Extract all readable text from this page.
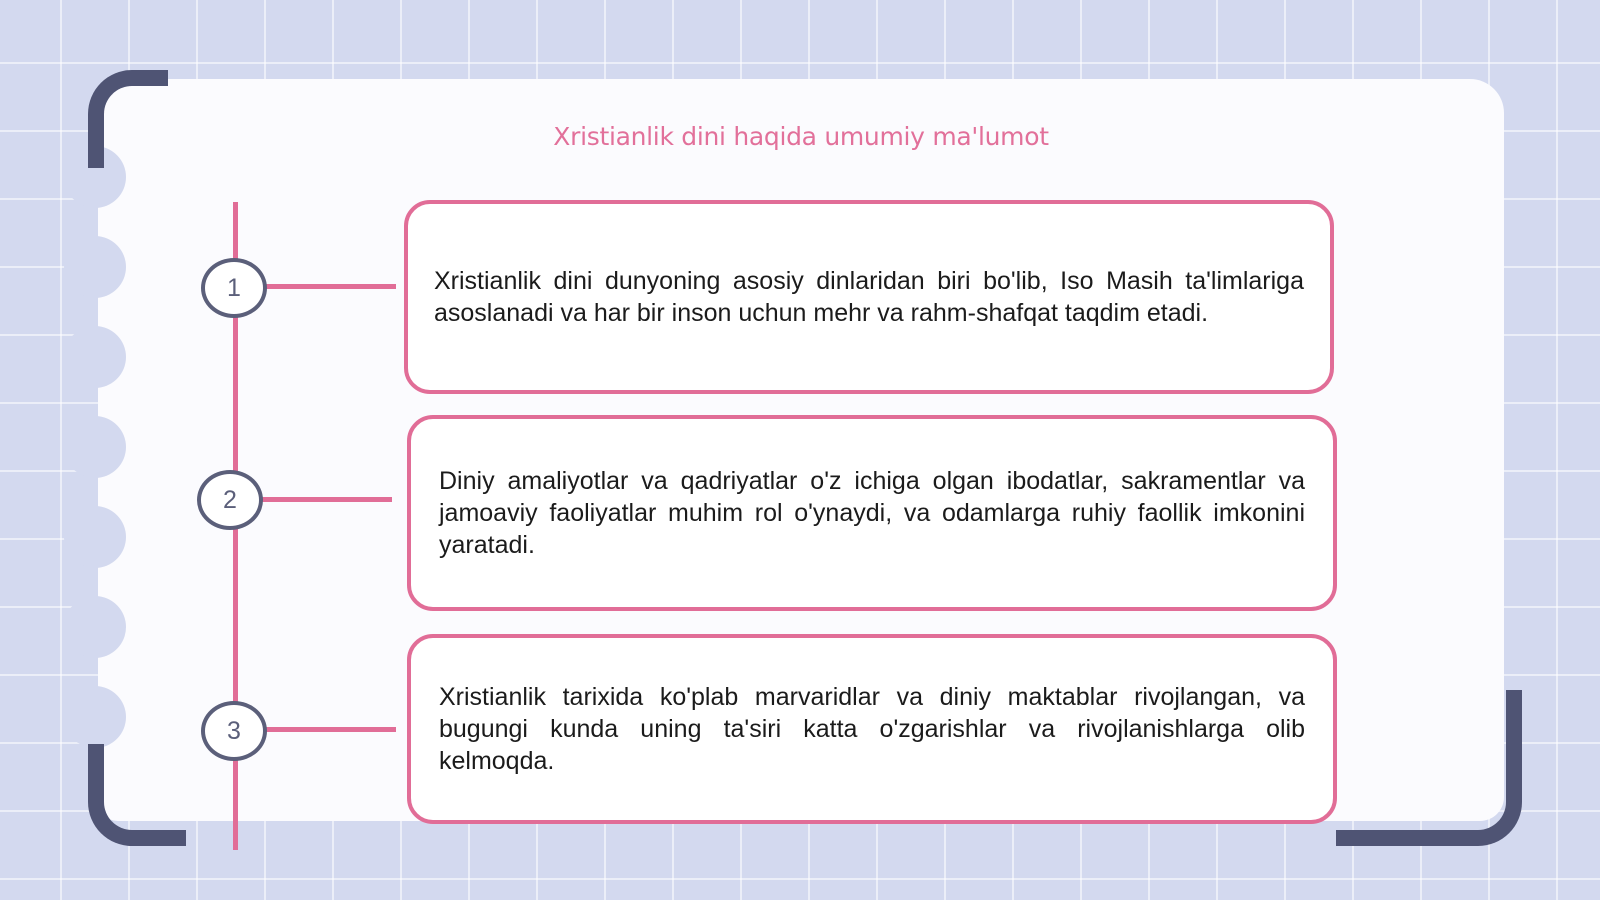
Xristianlik dini haqida umumiy ma'lumot
1	Xristianlik dini dunyoning asosiy dinlaridan biri bo'lib, Iso Masih ta'limlariga asoslanadi va har bir inson uchun mehr va rahm-shafqat taqdim etadi.
2
Diniy amaliyotlar va qadriyatlar o'z ichiga olgan ibodatlar, sakramentlar va jamoaviy faoliyatlar muhim rol o'ynaydi, va odamlarga ruhiy faollik imkonini yaratadi.
3
Xristianlik tarixida ko'plab marvaridlar va diniy maktablar rivojlangan, va bugungi kunda uning ta'siri katta o'zgarishlar va rivojlanishlarga olib kelmoqda.
